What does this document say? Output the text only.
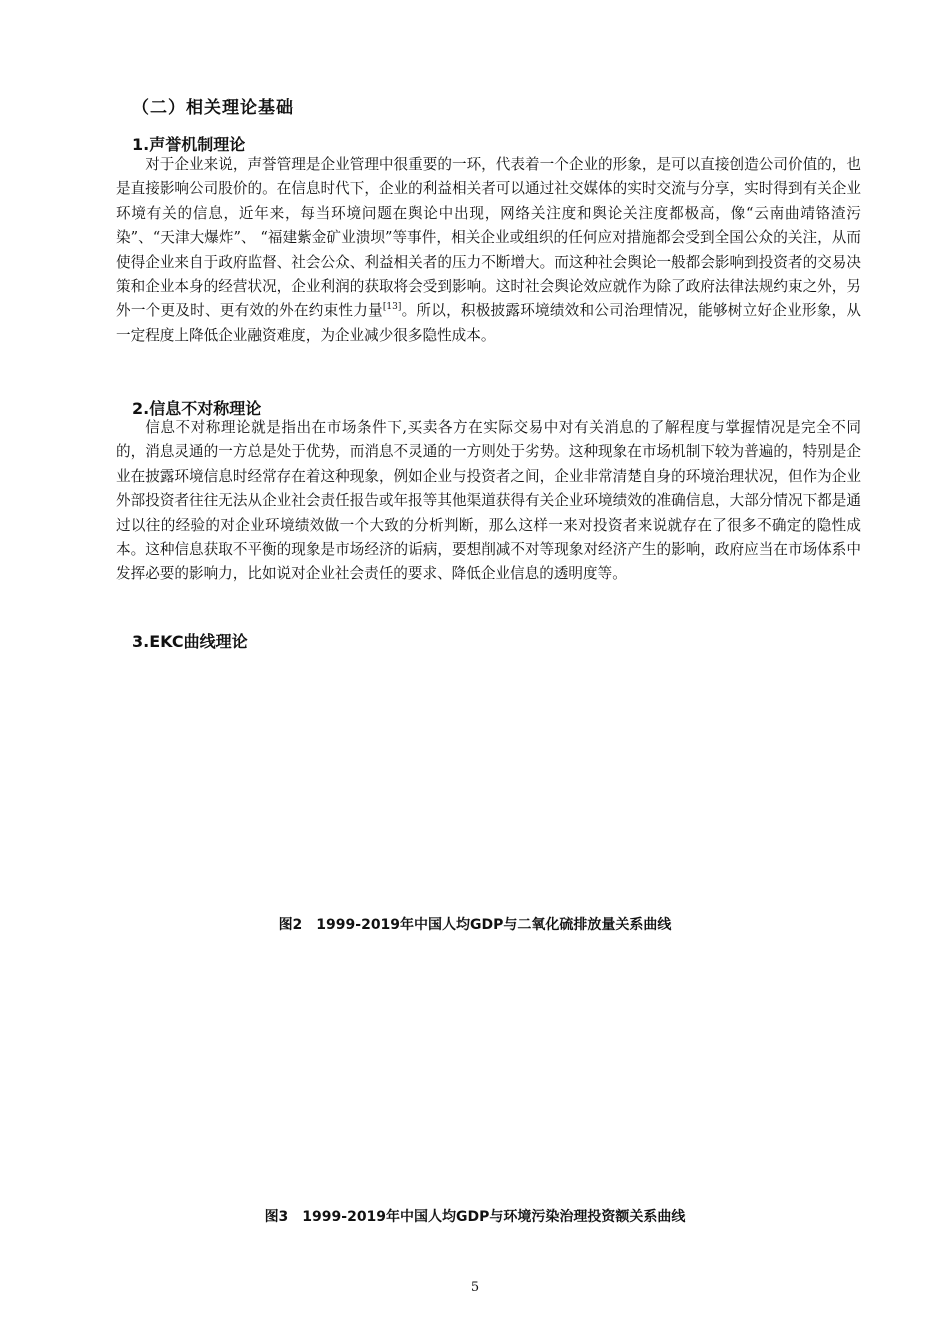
（二）相关理论基础
1.声誉机制理论
对于企业来说，声誉管理是企业管理中很重要的一环，代表着一个企业的形象，是可以直接创造公司价值的，也是直接影响公司股价的。在信息时代下，企业的利益相关者可以通过社交媒体的实时交流与分享，实时得到有关企业环境有关的信息，近年来，每当环境问题在舆论中出现，网络关注度和舆论关注度都极高，像“云南曲靖铬渣污染”、“天津大爆炸”、 “福建紫金矿业溃坝”等事件，相关企业或组织的任何应对措施都会受到全国公众的关注，从而使得企业来自于政府监督、社会公众、利益相关者的压力不断增大。而这种社会舆论一般都会影响到投资者的交易决策和企业本身的经营状况，企业利润的获取将会受到影响。这时社会舆论效应就作为除了政府法律法规约束之外，另外一个更及时、更有效的外在约束性力量[13]。所以，积极披露环境绩效和公司治理情况，能够树立好企业形象，从一定程度上降低企业融资难度，为企业减少很多隐性成本。
2.信息不对称理论
信息不对称理论就是指出在市场条件下,买卖各方在实际交易中对有关消息的了解程度与掌握情况是完全不同的，消息灵通的一方总是处于优势，而消息不灵通的一方则处于劣势。这种现象在市场机制下较为普遍的，特别是企业在披露环境信息时经常存在着这种现象，例如企业与投资者之间，企业非常清楚自身的环境治理状况，但作为企业外部投资者往往无法从企业社会责任报告或年报等其他渠道获得有关企业环境绩效的准确信息，大部分情况下都是通过以往的经验的对企业环境绩效做一个大致的分析判断，那么这样一来对投资者来说就存在了很多不确定的隐性成本。这种信息获取不平衡的现象是市场经济的诟病，要想削减不对等现象对经济产生的影响，政府应当在市场体系中发挥必要的影响力，比如说对企业社会责任的要求、降低企业信息的透明度等。
3.EKC曲线理论
图2　1999-2019年中国人均GDP与二氧化硫排放量关系曲线
图3　1999-2019年中国人均GDP与环境污染治理投资额关系曲线
5
